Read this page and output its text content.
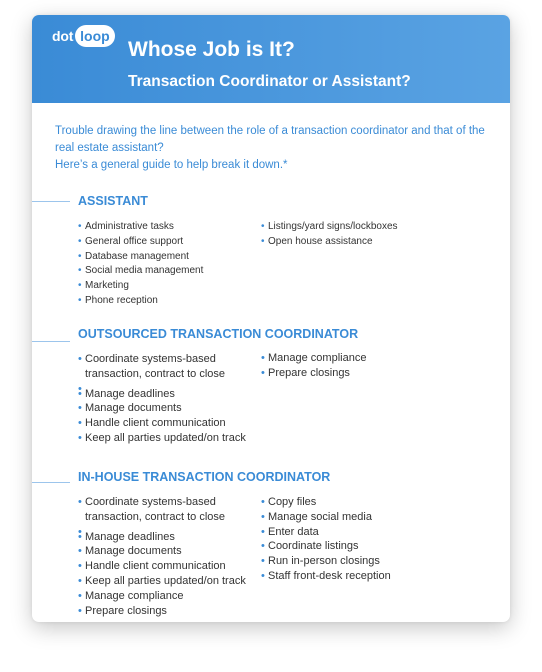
dot loop
Whose Job is It?
Transaction Coordinator or Assistant?

Trouble drawing the line between the role of a transaction coordinator and that of the real estate assistant?

Here’s a general guide to help break it down.*

ASSISTANT
• Administrative tasks
• General office support
• Database management
• Social media management
• Marketing
• Phone reception
• Listings/yard signs/lockboxes
• Open house assistance
OUTSOURCED TRANSACTION COORDINATOR
• Coordinate systems-based
transaction, contract to close
•
• Manage deadlines
• Manage documents
• Handle client communication
• Keep all parties updated/on track
• Manage compliance
• Prepare closings
IN-HOUSE TRANSACTION COORDINATOR
• Coordinate systems-based
transaction, contract to close
•
• Manage deadlines
• Manage documents
• Handle client communication
• Keep all parties updated/on track
• Manage compliance
• Prepare closings
• Copy files
• Manage social media
• Enter data
• Coordinate listings
• Run in-person closings
• Staff front-desk reception
